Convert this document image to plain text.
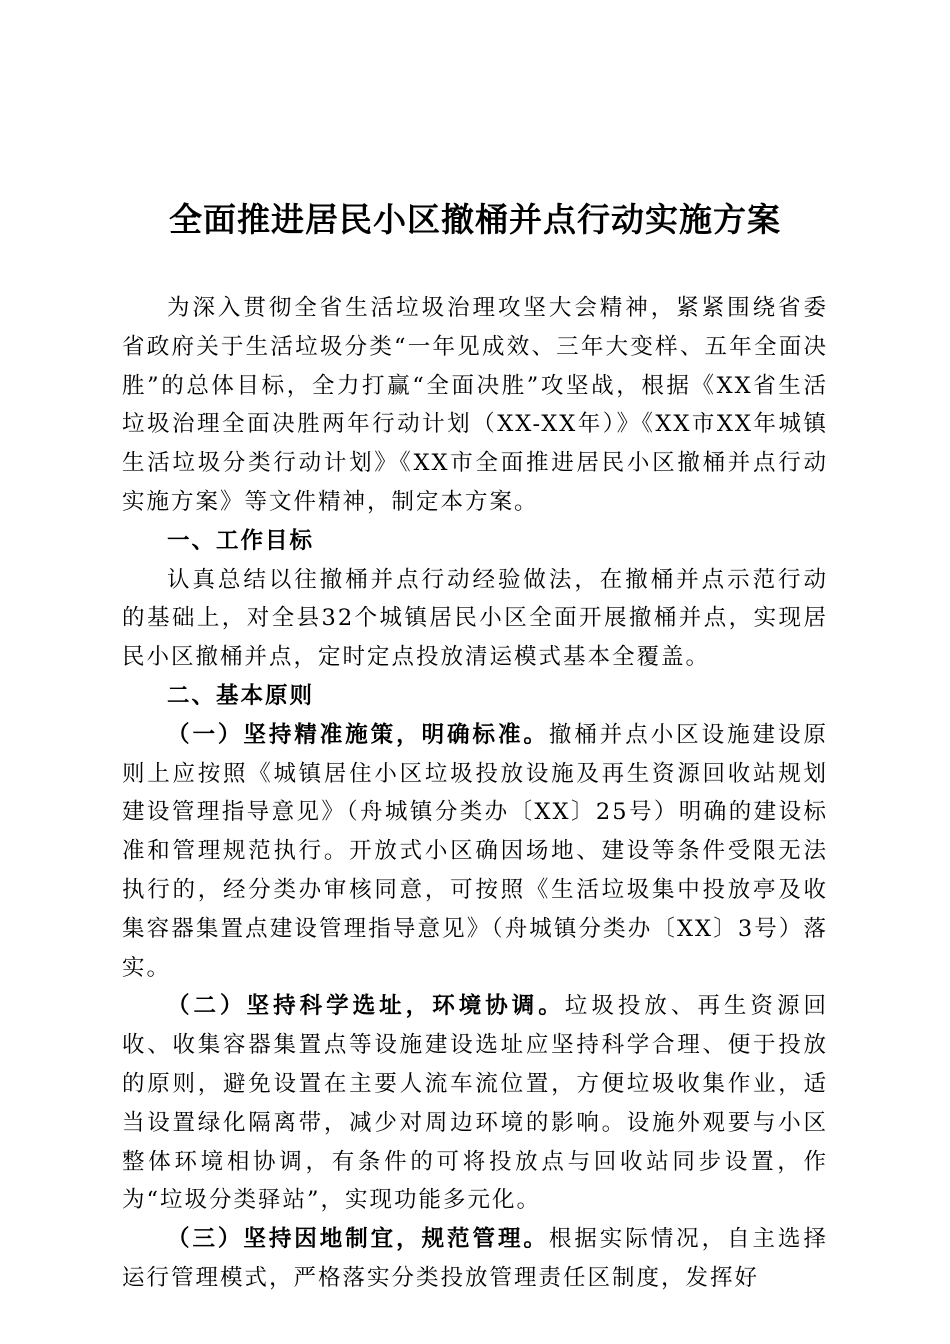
全面推进居民小区撤桶并点行动实施方案

为深入贯彻全省生活垃圾治理攻坚大会精神，紧紧围绕省委省政府关于生活垃圾分类“一年见成效、三年大变样、五年全面决胜”的总体目标，全力打赢“全面决胜”攻坚战，根据《XX省生活垃圾治理全面决胜两年行动计划（XX-XX年）》《XX市XX年城镇生活垃圾分类行动计划》《XX市全面推进居民小区撤桶并点行动实施方案》等文件精神，制定本方案。

一、工作目标

认真总结以往撤桶并点行动经验做法，在撤桶并点示范行动的基础上，对全县32个城镇居民小区全面开展撤桶并点，实现居民小区撤桶并点，定时定点投放清运模式基本全覆盖。

二、基本原则

（一）坚持精准施策，明确标准。撤桶并点小区设施建设原则上应按照《城镇居住小区垃圾投放设施及再生资源回收站规划建设管理指导意见》（舟城镇分类办〔XX〕25号）明确的建设标准和管理规范执行。开放式小区确因场地、建设等条件受限无法执行的，经分类办审核同意，可按照《生活垃圾集中投放亭及收集容器集置点建设管理指导意见》（舟城镇分类办〔XX〕3号）落实。

（二）坚持科学选址，环境协调。垃圾投放、再生资源回收、收集容器集置点等设施建设选址应坚持科学合理、便于投放的原则，避免设置在主要人流车流位置，方便垃圾收集作业，适当设置绿化隔离带，减少对周边环境的影响。设施外观要与小区整体环境相协调，有条件的可将投放点与回收站同步设置，作为“垃圾分类驿站”，实现功能多元化。

（三）坚持因地制宜，规范管理。根据实际情况，自主选择运行管理模式，严格落实分类投放管理责任区制度，发挥好
